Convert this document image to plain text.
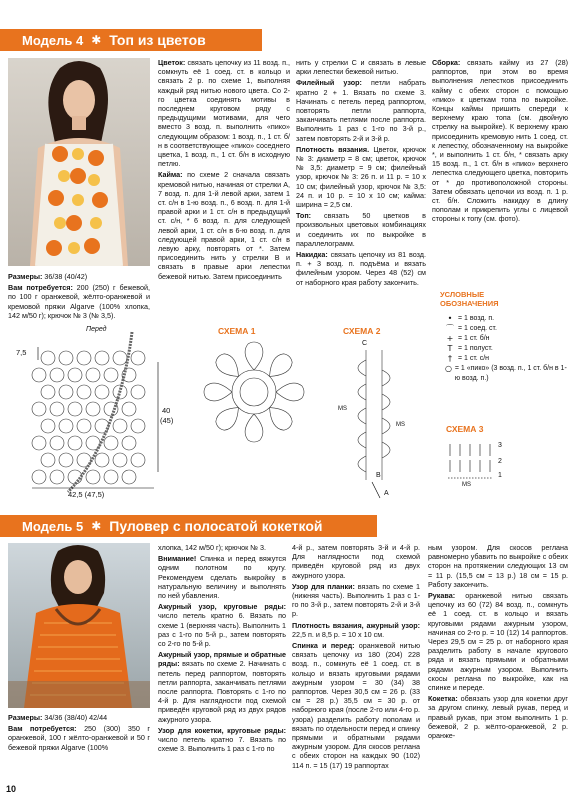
Модель 4 ✱ Топ из цветов

Размеры: 36/38 (40/42)

Вам потребуется: 200 (250) г бежевой, по 100 г оранжевой, жёлто-оранжевой и кремовой пряжи Algarve (100% хлопка, 142 м/50 г); крючок № 3 (№ 3,5).

Цветок: связать цепочку из 11 возд. п., сомкнуть её 1 соед. ст. в кольцо и связать 2 р. по схеме 1, выполняя каждый ряд нитью нового цвета. Со 2-го цветка соединять мотивы в последнем круговом ряду с предыдущими мотивами, для чего вместо 3 возд. п. выполнить «пико» следующим образом: 1 возд. п., 1 ст. б/н в соответствующее «пико» соседнего цветка, 1 возд. п., 1 ст. б/н в исходную петлю.

Кайма: по схеме 2 сначала связать кремовой нитью, начиная от стрелки А, 7 возд. п. для 1-й левой арки, затем 1 ст. с/н в 1-ю возд. п., 6 возд. п. для 1-й правой арки и 1 ст. с/н в предыдущий ст. с/н, * 6 возд. п. для следующей левой арки, 1 ст. с/н в 6-ю возд. п. для следующей правой арки, 1 ст. с/н в левую арку, повторять от *. Затем присоединить нить у стрелки В и связать в правые арки лепестки бежевой нитью. Затем присоединить

нить у стрелки С и связать в левые арки лепестки бежевой нитью.

Филейный узор: петли набрать кратно 2 + 1. Вязать по схеме 3. Начинать с петель перед раппортом, повторять петли раппорта, заканчивать петлями после раппорта. Выполнить 1 раз с 1-го по 3-й р., затем повторять 2-й и 3-й р.

Плотность вязания. Цветок, крючок № 3: диаметр = 8 см; цветок, крючок № 3,5: диаметр = 9 см; филейный узор, крючок № 3: 26 п. и 11 р. = 10 х 10 см; филейный узор, крючок № 3,5: 24 п. и 10 р. = 10 х 10 см; кайма: ширина = 2,5 см.

Топ: связать 50 цветков в произвольных цветовых комбинациях и соединить их по выкройке в параллелограмм.

Накидка: связать цепочку из 81 возд. п. + 3 возд. п. подъёма и вязать филейным узором. Через 48 (52) см от наборного края работу закончить.

Сборка: связать кайму из 27 (28) раппортов, при этом во время выполнения лепестков присоединить кайму с обеих сторон с помощью «пико» к цветкам топа по выкройке. Концы каймы пришить спереди к верхнему краю топа (см. двойную стрелку на выкройке). К верхнему краю присоединить кремовую нить 1 соед. ст. к лепестку, обозначенному на выкройке *, и выполнить 1 ст. б/н, * связать арку 15 возд. п., 1 ст. б/н в «пико» верхнего лепестка следующего цветка, повторить от * до противоположной стороны. Затем обвязать цепочки из возд. п. 1 р. ст. б/н. Сложить накидку в длину пополам и прикрепить углы с лицевой стороны к топу (см. фото).

УСЛОВНЫЕ ОБОЗНАЧЕНИЯ
• = 1 возд. п.
⌒ = 1 соед. ст.
+ = 1 ст. б/н
T = 1 полуст.
† = 1 ст. с/н
○ = 1 «пико» (3 возд. п., 1 ст. б/н в 1-ю возд. п.)
Перед
7,5
40
(45)
42,5 (47,5)
СХЕМА 1	СХЕМА 2
C
MS
MS
B
A
СХЕМА 3
3
2
1
MS
Модель 5 ✱ Пуловер с полосатой кокеткой

Размеры: 34/36 (38/40) 42/44

Вам потребуется: 250 (300) 350 г оранжевой, 100 г жёлто-оранжевой и 50 г бежевой пряжи Algarve (100%

хлопка, 142 м/50 г); крючок № 3.

Внимание! Спинка и перед вяжутся одним полотном по кругу. Рекомендуем сделать выкройку в натуральную величину и выполнять по ней убавления.

Ажурный узор, круговые ряды: число петель кратно 6. Вязать по схеме 1 (верхняя часть). Выполнить 1 раз с 1-го по 5-й р., затем повторять со 2-го по 5-й р.

Ажурный узор, прямые и обратные ряды: вязать по схеме 2. Начинать с петель перед раппортом, повторять петли раппорта, заканчивать петлями после раппорта. Повторять с 1-го по 4-й р. Для наглядности под схемой приведён круговой ряд из двух рядов ажурного узора.

Узор для кокетки, круговые ряды: число петель кратно 7. Вязать по схеме 3. Выполнить 1 раз с 1-го по

4-й р., затем повторять 3-й и 4-й р. Для наглядности под схемой приведён круговой ряд из двух ажурного узора.

Узор для планки: вязать по схеме 1 (нижняя часть). Выполнить 1 раз с 1-го по 3-й р., затем повторять 2-й и 3-й р.

Плотность вязания, ажурный узор: 22,5 п. и 8,5 р. = 10 х 10 см.

Спинка и перед: оранжевой нитью связать цепочку из 180 (204) 228 возд. п., сомкнуть её 1 соед. ст. в кольцо и вязать круговыми рядами ажурным узором = 30 (34) 38 раппортов. Через 30,5 см = 26 р. (33 см = 28 р.) 35,5 см = 30 р. от наборного края (после 2-го или 4-го р. узора) разделить работу пополам и вязать по отдельности перед и спинку прямыми и обратными рядами ажурным узором. Для скосов реглана с обеих сторон на каждых 90 (102) 114 п. = 15 (17) 19 раппортах

ным узором. Для скосов реглана равномерно убавить по выкройке с обеих сторон на протяжении следующих 13 см = 11 р. (15,5 см = 13 р.) 18 см = 15 р. Работу закончить.

Рукава: оранжевой нитью связать цепочку из 60 (72) 84 возд. п., сомкнуть её 1 соед. ст. в кольцо и вязать круговыми рядами ажурным узором, начиная со 2-го р. = 10 (12) 14 раппортов. Через 29,5 см = 25 р. от наборного края разделить работу в начале кругового ряда и вязать прямыми и обратными рядами ажурным узором. Выполнить скосы реглана по выкройке, как на спинке и переде.

Кокетка: обвязать узор для кокетки друг за другом спинку, левый рукав, перед и правый рукав, при этом выполнить 1 р. бежевой, 2 р. жёлто-оранжевой, 2 р. оранже-

10
